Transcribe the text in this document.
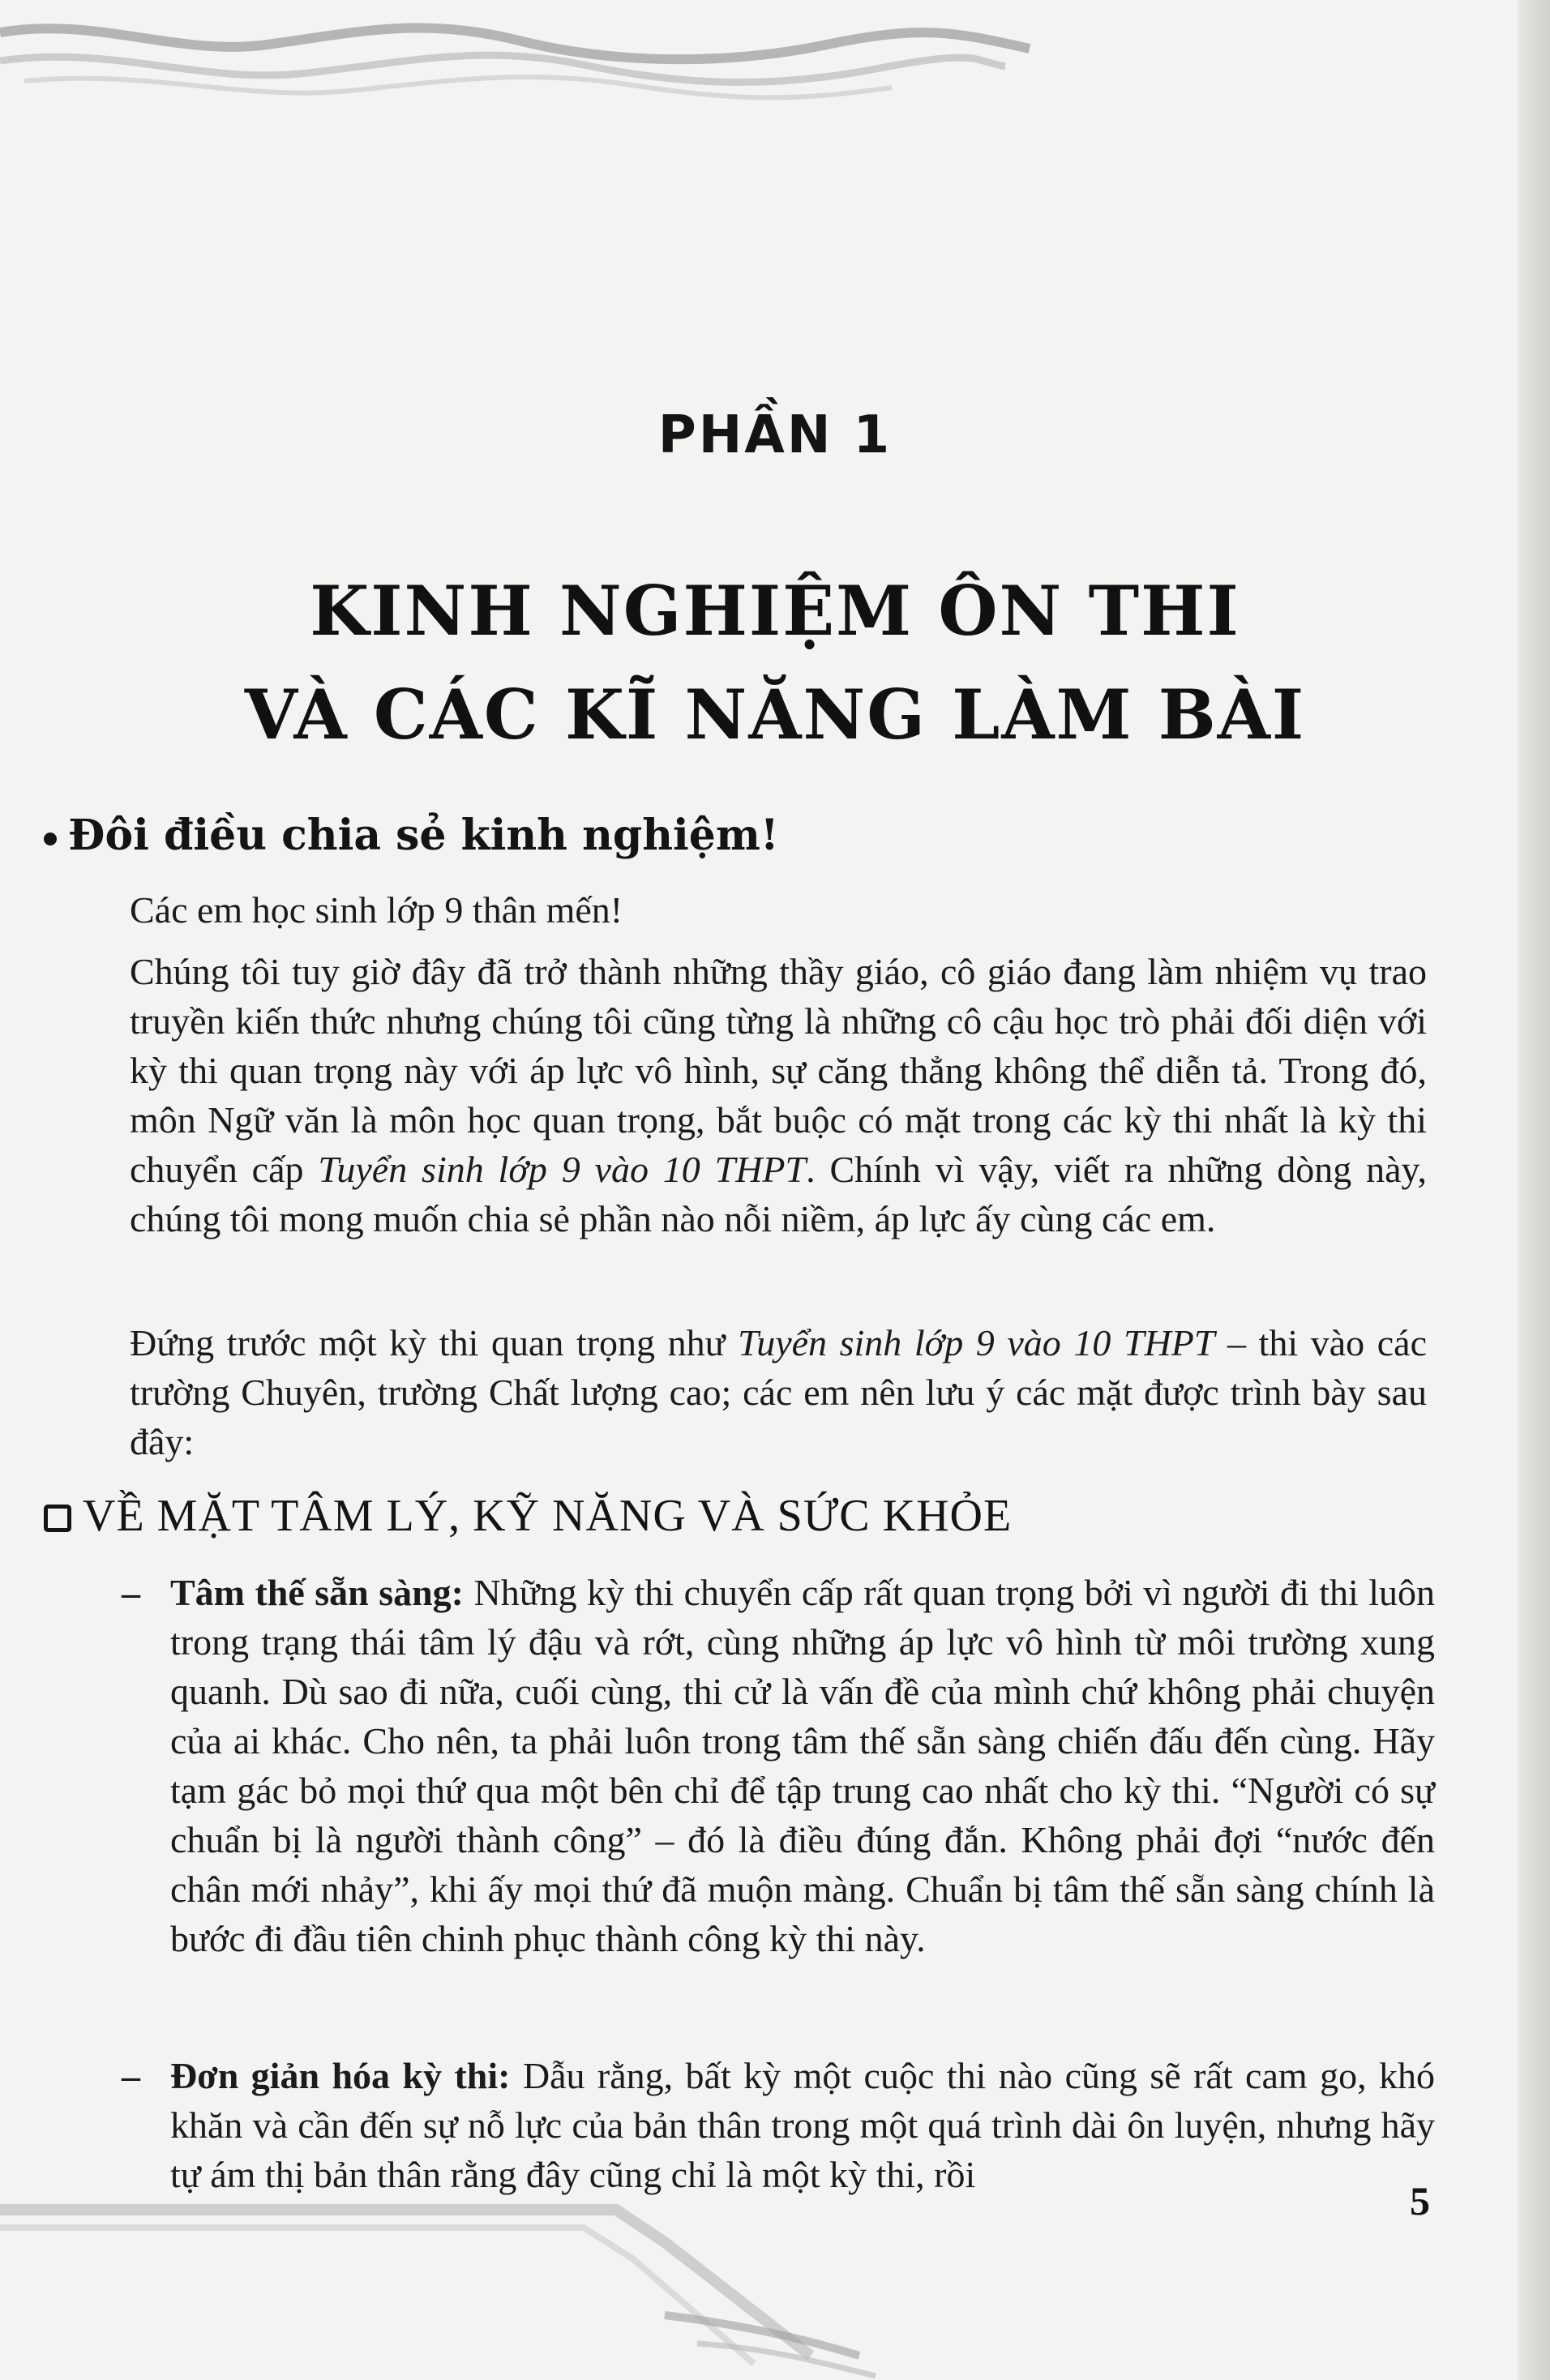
PHẦN 1
KINH NGHIỆM ÔN THI
VÀ CÁC KĨ NĂNG LÀM BÀI
Đôi điều chia sẻ kinh nghiệm!
Các em học sinh lớp 9 thân mến!
Chúng tôi tuy giờ đây đã trở thành những thầy giáo, cô giáo đang làm nhiệm vụ trao truyền kiến thức nhưng chúng tôi cũng từng là những cô cậu học trò phải đối diện với kỳ thi quan trọng này với áp lực vô hình, sự căng thẳng không thể diễn tả. Trong đó, môn Ngữ văn là môn học quan trọng, bắt buộc có mặt trong các kỳ thi nhất là kỳ thi chuyển cấp Tuyển sinh lớp 9 vào 10 THPT. Chính vì vậy, viết ra những dòng này, chúng tôi mong muốn chia sẻ phần nào nỗi niềm, áp lực ấy cùng các em.
Đứng trước một kỳ thi quan trọng như Tuyển sinh lớp 9 vào 10 THPT – thi vào các trường Chuyên, trường Chất lượng cao; các em nên lưu ý các mặt được trình bày sau đây:
VỀ MẶT TÂM LÝ, KỸ NĂNG VÀ SỨC KHỎE
– Tâm thế sẵn sàng: Những kỳ thi chuyển cấp rất quan trọng bởi vì người đi thi luôn trong trạng thái tâm lý đậu và rớt, cùng những áp lực vô hình từ môi trường xung quanh. Dù sao đi nữa, cuối cùng, thi cử là vấn đề của mình chứ không phải chuyện của ai khác. Cho nên, ta phải luôn trong tâm thế sẵn sàng chiến đấu đến cùng. Hãy tạm gác bỏ mọi thứ qua một bên chỉ để tập trung cao nhất cho kỳ thi. “Người có sự chuẩn bị là người thành công” – đó là điều đúng đắn. Không phải đợi “nước đến chân mới nhảy”, khi ấy mọi thứ đã muộn màng. Chuẩn bị tâm thế sẵn sàng chính là bước đi đầu tiên chinh phục thành công kỳ thi này.
– Đơn giản hóa kỳ thi: Dẫu rằng, bất kỳ một cuộc thi nào cũng sẽ rất cam go, khó khăn và cần đến sự nỗ lực của bản thân trong một quá trình dài ôn luyện, nhưng hãy tự ám thị bản thân rằng đây cũng chỉ là một kỳ thi, rồi
5
